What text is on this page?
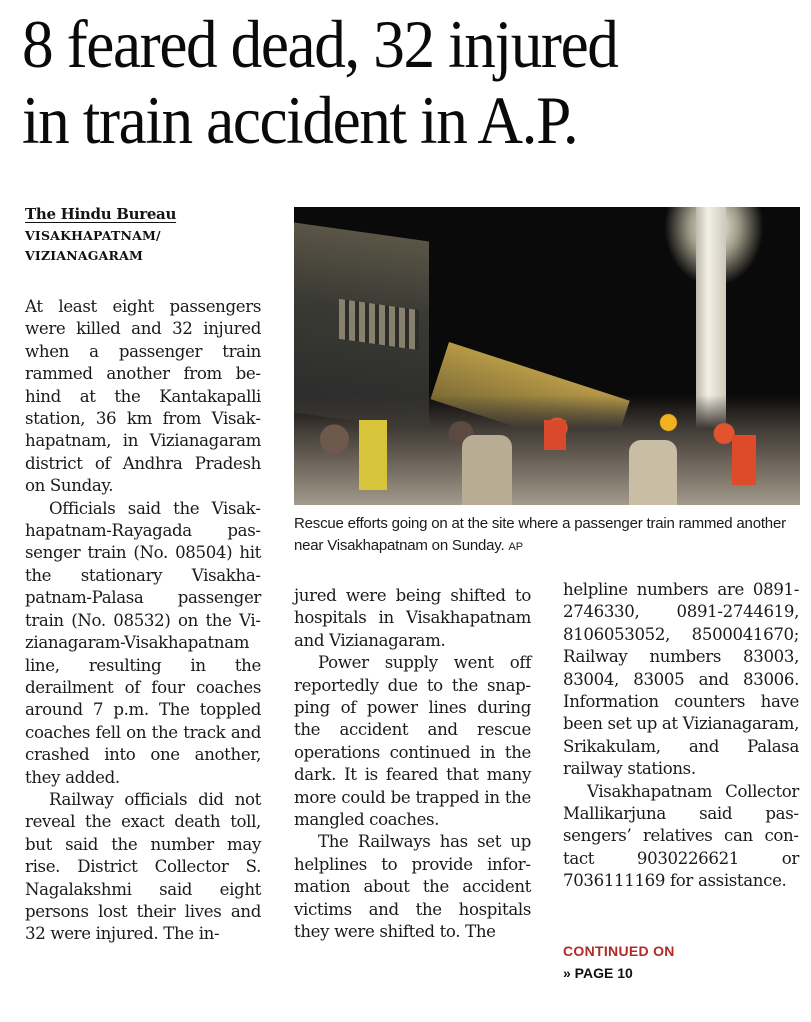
8 feared dead, 32 injured
in train accident in A.P.
The Hindu Bureau
VISAKHAPATNAM/
VIZIANAGARAM
Rescue efforts going on at the site where a passenger train rammed another near Visakhapatnam on Sunday. AP

At least eight passengers were killed and 32 injured when a passenger train rammed another from behind at the Kantakapalli station, 36 km from Visakhapatnam, in Vizianagaram district of Andhra Pradesh on Sunday.

Officials said the Visakhapatnam-Rayagada passenger train (No. 08504) hit the stationary Visakhapatnam-Palasa passenger train (No. 08532) on the Vizianagaram-Visakhapatnam line, resulting in the derailment of four coaches around 7 p.m. The toppled coaches fell on the track and crashed into one another, they added.

Railway officials did not reveal the exact death toll, but said the number may rise. District Collector S. Nagalakshmi said eight persons lost their lives and 32 were injured. The in-

jured were being shifted to hospitals in Visakhapatnam and Vizianagaram.

Power supply went off reportedly due to the snapping of power lines during the accident and rescue operations continued in the dark. It is feared that many more could be trapped in the mangled coaches.

The Railways has set up helplines to provide information about the accident victims and the hospitals they were shifted to. The

helpline numbers are 0891-2746330, 0891-2744619, 8106053052, 8500041670; Railway numbers 83003, 83004, 83005 and 83006. Information counters have been set up at Vizianagaram, Srikakulam, and Palasa railway stations.

Visakhapatnam Collector Mallikarjuna said passengers’ relatives can contact 9030226621 or 7036111169 for assistance.

CONTINUED ON
» PAGE 10
